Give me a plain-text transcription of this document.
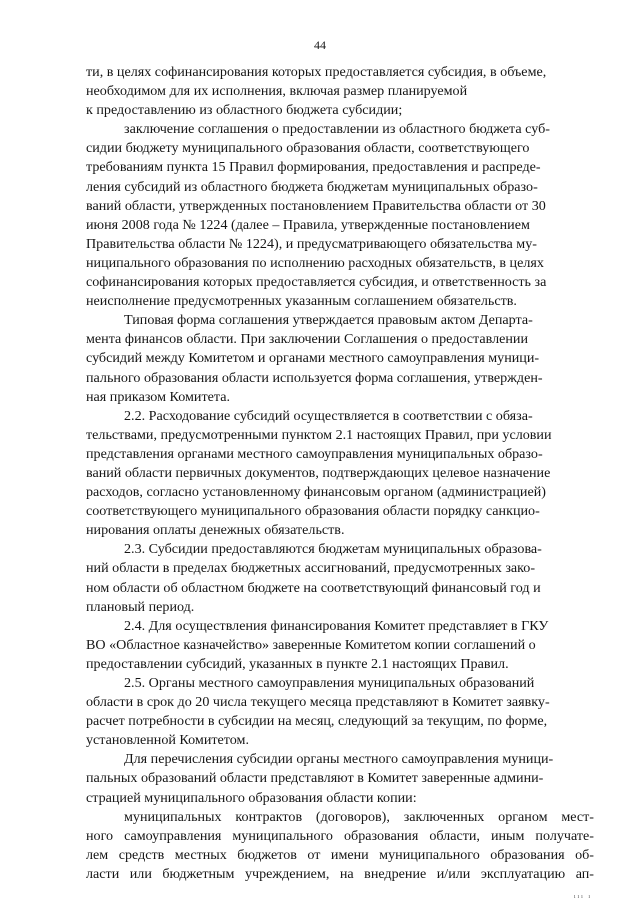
44

ти, в целях софинансирования которых предоставляется субсидия, в объеме,
необходимом для их исполнения, включая размер планируемой
к предоставлению из областного бюджета субсидии;

заключение соглашения о предоставлении из областного бюджета суб-
сидии бюджету муниципального образования области, соответствующего
требованиям пункта 15 Правил формирования, предоставления и распреде-
ления субсидий из областного бюджета бюджетам муниципальных образо-
ваний области, утвержденных постановлением Правительства области от 30
июня 2008 года № 1224 (далее – Правила, утвержденные постановлением
Правительства области № 1224), и предусматривающего обязательства му-
ниципального образования по исполнению расходных обязательств, в целях
софинансирования которых предоставляется субсидия, и ответственность за
неисполнение предусмотренных указанным соглашением обязательств.

Типовая форма соглашения утверждается правовым актом Департа-
мента финансов области. При заключении Соглашения о предоставлении
субсидий между Комитетом и органами местного самоуправления муници-
пального образования области используется форма соглашения, утвержден-
ная приказом Комитета.

2.2. Расходование субсидий осуществляется в соответствии с обяза-
тельствами, предусмотренными пунктом 2.1 настоящих Правил, при условии
представления органами местного самоуправления муниципальных образо-
ваний области первичных документов, подтверждающих целевое назначение
расходов, согласно установленному финансовым органом (администрацией)
соответствующего муниципального образования области порядку санкцио-
нирования оплаты денежных обязательств.

2.3. Субсидии предоставляются бюджетам муниципальных образова-
ний области в пределах бюджетных ассигнований, предусмотренных зако-
ном области об областном бюджете на соответствующий финансовый год и
плановый период.

2.4. Для осуществления финансирования Комитет представляет в ГКУ
ВО «Областное казначейство» заверенные Комитетом копии соглашений о
предоставлении субсидий, указанных в пункте 2.1 настоящих Правил.

2.5. Органы местного самоуправления муниципальных образований
области в срок до 20 числа текущего месяца представляют в Комитет заявку-
расчет потребности в субсидии на месяц, следующий за текущим, по форме,
установленной Комитетом.

Для перечисления субсидии органы местного самоуправления муници-
пальных образований области представляют в Комитет заверенные админи-
страцией муниципального образования области копии:

муниципальных контрактов (договоров), заключенных органом мест-
ного самоуправления муниципального образования области, иным получате-
лем средств местных бюджетов от имени муниципального образования об-
ласти или бюджетным учреждением, на внедрение и/или эксплуатацию ап-

ııı ı
